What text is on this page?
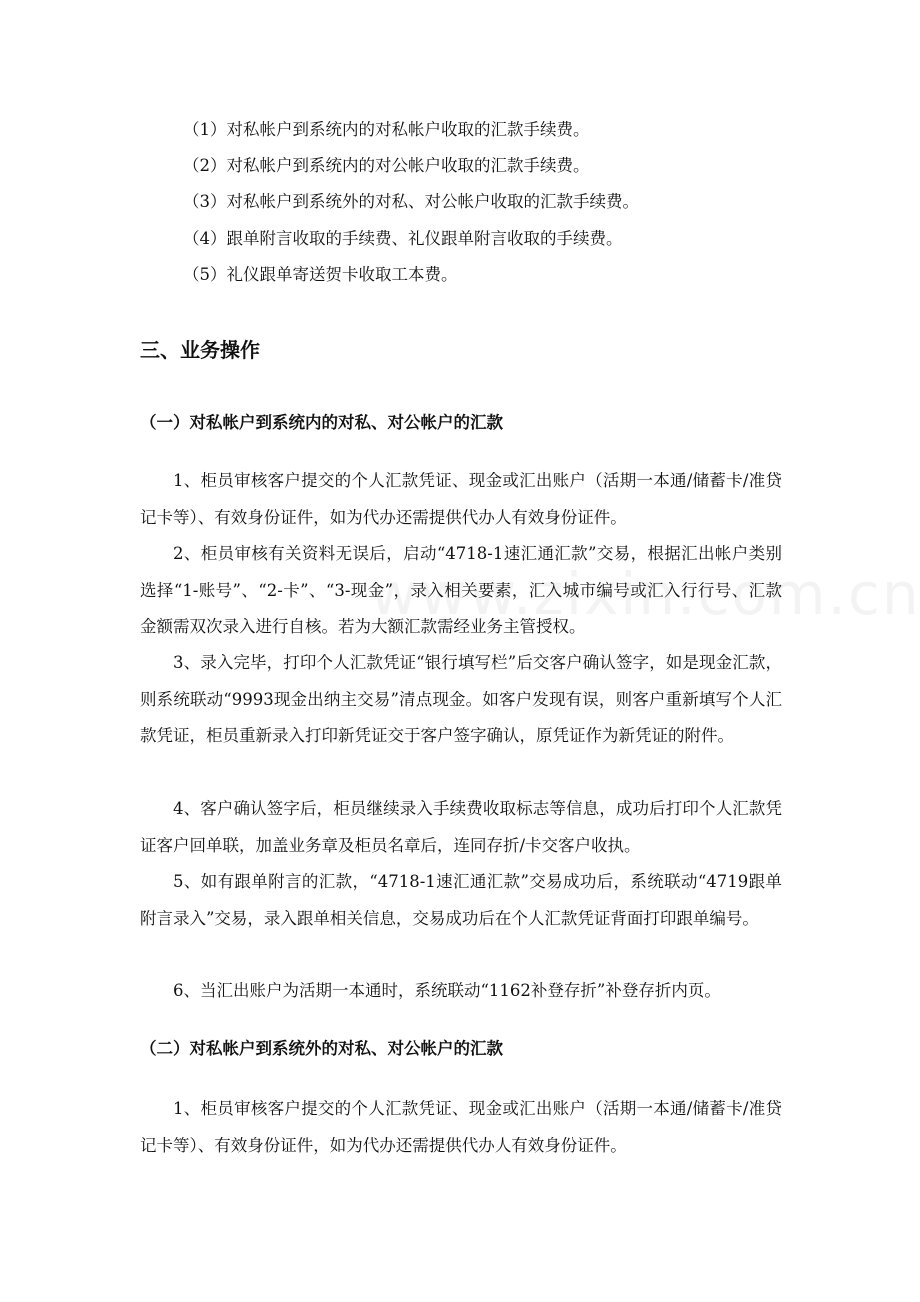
（1）对私帐户到系统内的对私帐户收取的汇款手续费。
（2）对私帐户到系统内的对公帐户收取的汇款手续费。
（3）对私帐户到系统外的对私、对公帐户收取的汇款手续费。
（4）跟单附言收取的手续费、礼仪跟单附言收取的手续费。
（5）礼仪跟单寄送贺卡收取工本费。
三、业务操作
（一）对私帐户到系统内的对私、对公帐户的汇款

1、柜员审核客户提交的个人汇款凭证、现金或汇出账户（活期一本通/储蓄卡/准贷记卡等）、有效身份证件，如为代办还需提供代办人有效身份证件。

2、柜员审核有关资料无误后，启动“4718-1速汇通汇款”交易，根据汇出帐户类别选择“1-账号”、“2-卡”、“3-现金”，录入相关要素，汇入城市编号或汇入行行号、汇款金额需双次录入进行自核。若为大额汇款需经业务主管授权。

3、录入完毕，打印个人汇款凭证“银行填写栏”后交客户确认签字，如是现金汇款，则系统联动“9993现金出纳主交易”清点现金。如客户发现有误，则客户重新填写个人汇款凭证，柜员重新录入打印新凭证交于客户签字确认，原凭证作为新凭证的附件。

4、客户确认签字后，柜员继续录入手续费收取标志等信息，成功后打印个人汇款凭证客户回单联，加盖业务章及柜员名章后，连同存折/卡交客户收执。

5、如有跟单附言的汇款，“4718-1速汇通汇款”交易成功后，系统联动“4719跟单附言录入”交易，录入跟单相关信息，交易成功后在个人汇款凭证背面打印跟单编号。

6、当汇出账户为活期一本通时，系统联动“1162补登存折”补登存折内页。

（二）对私帐户到系统外的对私、对公帐户的汇款

1、柜员审核客户提交的个人汇款凭证、现金或汇出账户（活期一本通/储蓄卡/准贷记卡等）、有效身份证件，如为代办还需提供代办人有效身份证件。
